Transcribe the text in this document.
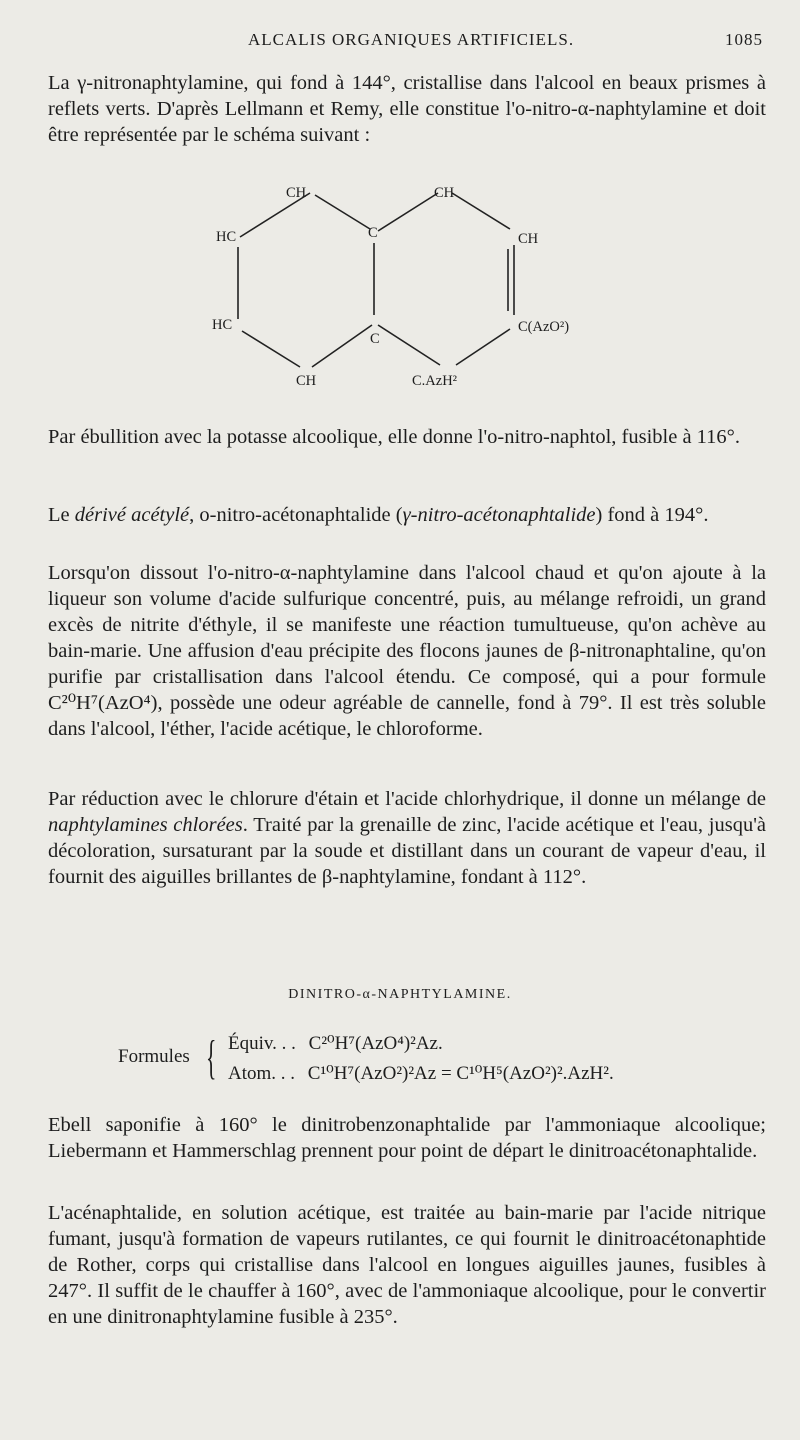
ALCALIS ORGANIQUES ARTIFICIELS.	1085

La γ-nitronaphtylamine, qui fond à 144°, cristallise dans l'alcool en beaux prismes à reflets verts. D'après Lellmann et Remy, elle constitue l'o-nitro-α-naphtylamine et doit être représentée par le schéma suivant :

CH	CH
HC	C	CH
HC
C
C(AzO²)
CH	C.AzH²

Par ébullition avec la potasse alcoolique, elle donne l'o-nitro-naphtol, fusible à 116°.

Le dérivé acétylé, o-nitro-acétonaphtalide (γ-nitro-acétonaphtalide) fond à 194°.

Lorsqu'on dissout l'o-nitro-α-naphtylamine dans l'alcool chaud et qu'on ajoute à la liqueur son volume d'acide sulfurique concentré, puis, au mélange refroidi, un grand excès de nitrite d'éthyle, il se manifeste une réaction tumultueuse, qu'on achève au bain-marie. Une affusion d'eau précipite des flocons jaunes de β-nitronaphtaline, qu'on purifie par cristallisation dans l'alcool étendu. Ce composé, qui a pour formule C²⁰H⁷(AzO⁴), possède une odeur agréable de cannelle, fond à 79°. Il est très soluble dans l'alcool, l'éther, l'acide acétique, le chloroforme.

Par réduction avec le chlorure d'étain et l'acide chlorhydrique, il donne un mélange de naphtylamines chlorées. Traité par la grenaille de zinc, l'acide acétique et l'eau, jusqu'à décoloration, sursaturant par la soude et distillant dans un courant de vapeur d'eau, il fournit des aiguilles brillantes de β-naphtylamine, fondant à 112°.

DINITRO-α-NAPHTYLAMINE.
Formules { Équiv. . . C²⁰H⁷(AzO⁴)²Az.
Atom. . . C¹⁰H⁷(AzO²)²Az = C¹⁰H⁵(AzO²)².AzH².

Ebell saponifie à 160° le dinitrobenzonaphtalide par l'ammoniaque alcoolique; Liebermann et Hammerschlag prennent pour point de départ le dinitroacétonaphtalide.

L'acénaphtalide, en solution acétique, est traitée au bain-marie par l'acide nitrique fumant, jusqu'à formation de vapeurs rutilantes, ce qui fournit le dinitroacétonaphtide de Rother, corps qui cristallise dans l'alcool en longues aiguilles jaunes, fusibles à 247°. Il suffit de le chauffer à 160°, avec de l'ammoniaque alcoolique, pour le convertir en une dinitronaphtylamine fusible à 235°.
